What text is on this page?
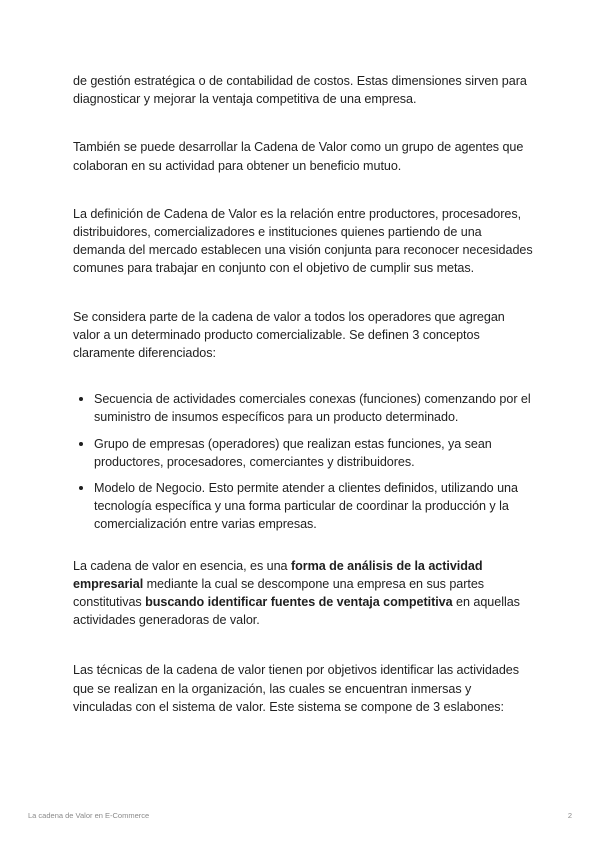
de gestión estratégica o de contabilidad de costos. Estas dimensiones sirven para diagnosticar y mejorar la ventaja competitiva de una empresa.

También se puede desarrollar la Cadena de Valor como un grupo de agentes que colaboran en su actividad para obtener un beneficio mutuo.

La definición de Cadena de Valor es la relación entre productores, procesadores, distribuidores, comercializadores e instituciones quienes partiendo de una demanda del mercado establecen una visión conjunta para reconocer necesidades comunes para trabajar en conjunto con el objetivo de cumplir sus metas.

Se considera parte de la cadena de valor a todos los operadores que agregan valor a un determinado producto comercializable. Se definen 3 conceptos claramente diferenciados:

Secuencia de actividades comerciales conexas (funciones) comenzando por el suministro de insumos específicos para un producto determinado.
Grupo de empresas (operadores) que realizan estas funciones, ya sean productores, procesadores, comerciantes y distribuidores.
Modelo de Negocio. Esto permite atender a clientes definidos, utilizando una tecnología específica y una forma particular de coordinar la producción y la comercialización entre varias empresas.

La cadena de valor en esencia, es una forma de análisis de la actividad empresarial mediante la cual se descompone una empresa en sus partes constitutivas buscando identificar fuentes de ventaja competitiva en aquellas actividades generadoras de valor.

Las técnicas de la cadena de valor tienen por objetivos identificar las actividades que se realizan en la organización, las cuales se encuentran inmersas y vinculadas con el sistema de valor. Este sistema se compone de 3 eslabones:

La cadena de Valor en E-Commerce	2
